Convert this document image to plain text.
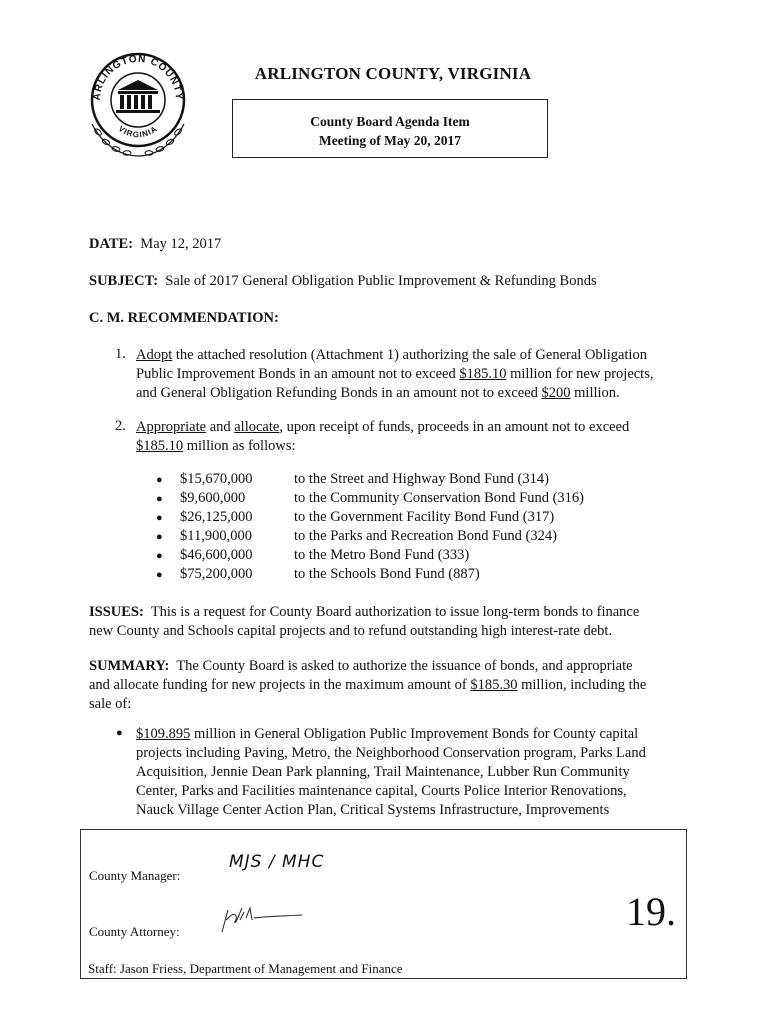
ARLINGTON COUNTY
VIRGINIA
ARLINGTON COUNTY, VIRGINIA
County Board Agenda Item
Meeting of May 20, 2017
DATE: May 12, 2017
SUBJECT: Sale of 2017 General Obligation Public Improvement & Refunding Bonds
C. M. RECOMMENDATION:
1. Adopt the attached resolution (Attachment 1) authorizing the sale of General Obligation

Public Improvement Bonds in an amount not to exceed $185.10 million for new projects,

and General Obligation Refunding Bonds in an amount not to exceed $200 million.

2. Appropriate and allocate, upon receipt of funds, proceeds in an amount not to exceed

$185.10 million as follows:

●	$15,670,000	to the Street and Highway Bond Fund (314)
●	$9,600,000	to the Community Conservation Bond Fund (316)
●	$26,125,000	to the Government Facility Bond Fund (317)
●	$11,900,000	to the Parks and Recreation Bond Fund (324)
●	$46,600,000	to the Metro Bond Fund (333)
●	$75,200,000	to the Schools Bond Fund (887)

ISSUES: This is a request for County Board authorization to issue long-term bonds to finance

new County and Schools capital projects and to refund outstanding high interest-rate debt.

SUMMARY: The County Board is asked to authorize the issuance of bonds, and appropriate

and allocate funding for new projects in the maximum amount of $185.30 million, including the

sale of:

● $109.895 million in General Obligation Public Improvement Bonds for County capital

projects including Paving, Metro, the Neighborhood Conservation program, Parks Land

Acquisition, Jennie Dean Park planning, Trail Maintenance, Lubber Run Community

Center, Parks and Facilities maintenance capital, Courts Police Interior Renovations,

Nauck Village Center Action Plan, Critical Systems Infrastructure, Improvements

County Manager:
MJS / MHC
County Attorney:	19.
Staff: Jason Friess, Department of Management and Finance
